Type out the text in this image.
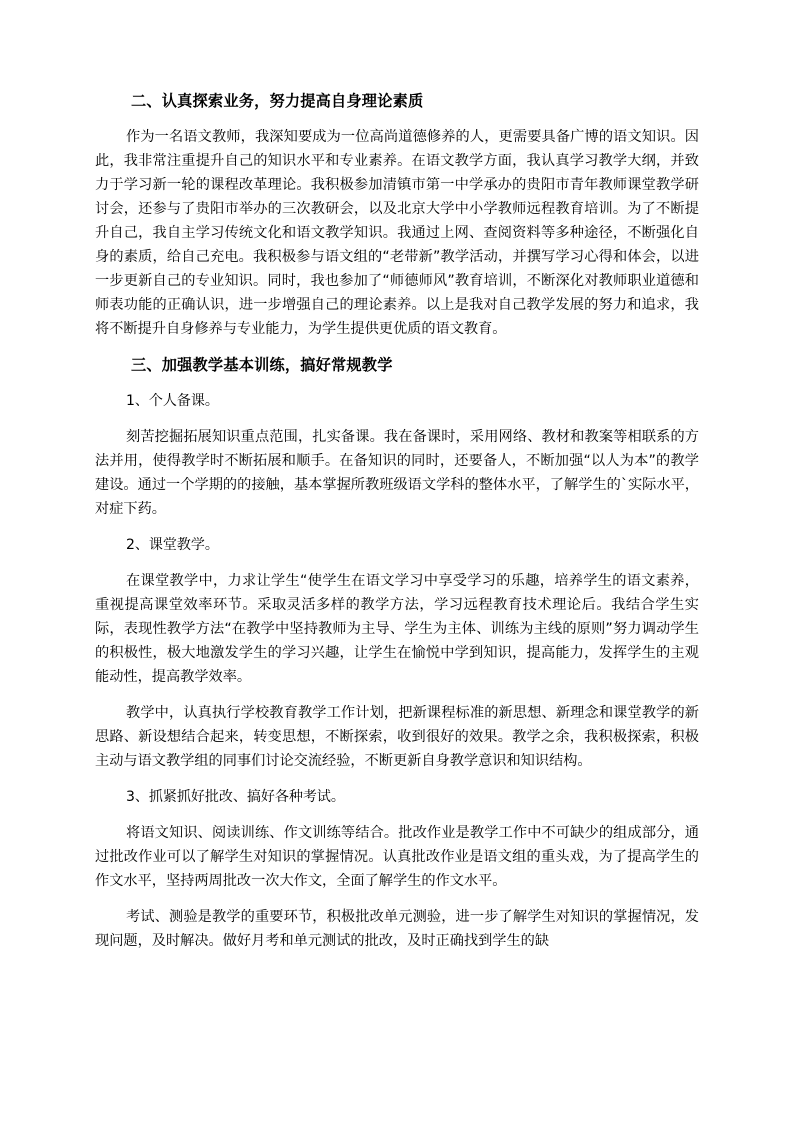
二、认真探索业务，努力提高自身理论素质

作为一名语文教师，我深知要成为一位高尚道德修养的人，更需要具备广博的语文知识。因此，我非常注重提升自己的知识水平和专业素养。在语文教学方面，我认真学习教学大纲，并致力于学习新一轮的课程改革理论。我积极参加清镇市第一中学承办的贵阳市青年教师课堂教学研讨会，还参与了贵阳市举办的三次教研会，以及北京大学中小学教师远程教育培训。为了不断提升自己，我自主学习传统文化和语文教学知识。我通过上网、查阅资料等多种途径，不断强化自身的素质，给自己充电。我积极参与语文组的“老带新”教学活动，并撰写学习心得和体会，以进一步更新自己的专业知识。同时，我也参加了“师德师风”教育培训，不断深化对教师职业道德和师表功能的正确认识，进一步增强自己的理论素养。以上是我对自己教学发展的努力和追求，我将不断提升自身修养与专业能力，为学生提供更优质的语文教育。

三、加强教学基本训练，搞好常规教学

1、个人备课。

刻苦挖掘拓展知识重点范围，扎实备课。我在备课时，采用网络、教材和教案等相联系的方法并用，使得教学时不断拓展和顺手。在备知识的同时，还要备人，不断加强“以人为本”的教学建设。通过一个学期的的接触，基本掌握所教班级语文学科的整体水平，了解学生的`实际水平，对症下药。

2、课堂教学。

在课堂教学中，力求让学生“使学生在语文学习中享受学习的乐趣，培养学生的语文素养，重视提高课堂效率环节。采取灵活多样的教学方法，学习远程教育技术理论后。我结合学生实际，表现性教学方法“在教学中坚持教师为主导、学生为主体、训练为主线的原则”努力调动学生的积极性，极大地激发学生的学习兴趣，让学生在愉悦中学到知识，提高能力，发挥学生的主观能动性，提高教学效率。

教学中，认真执行学校教育教学工作计划，把新课程标准的新思想、新理念和课堂教学的新思路、新设想结合起来，转变思想，不断探索，收到很好的效果。教学之余，我积极探索，积极主动与语文教学组的同事们讨论交流经验，不断更新自身教学意识和知识结构。

3、抓紧抓好批改、搞好各种考试。

将语文知识、阅读训练、作文训练等结合。批改作业是教学工作中不可缺少的组成部分，通过批改作业可以了解学生对知识的掌握情况。认真批改作业是语文组的重头戏，为了提高学生的作文水平，坚持两周批改一次大作文，全面了解学生的作文水平。

考试、测验是教学的重要环节，积极批改单元测验，进一步了解学生对知识的掌握情况，发现问题，及时解决。做好月考和单元测试的批改，及时正确找到学生的缺
